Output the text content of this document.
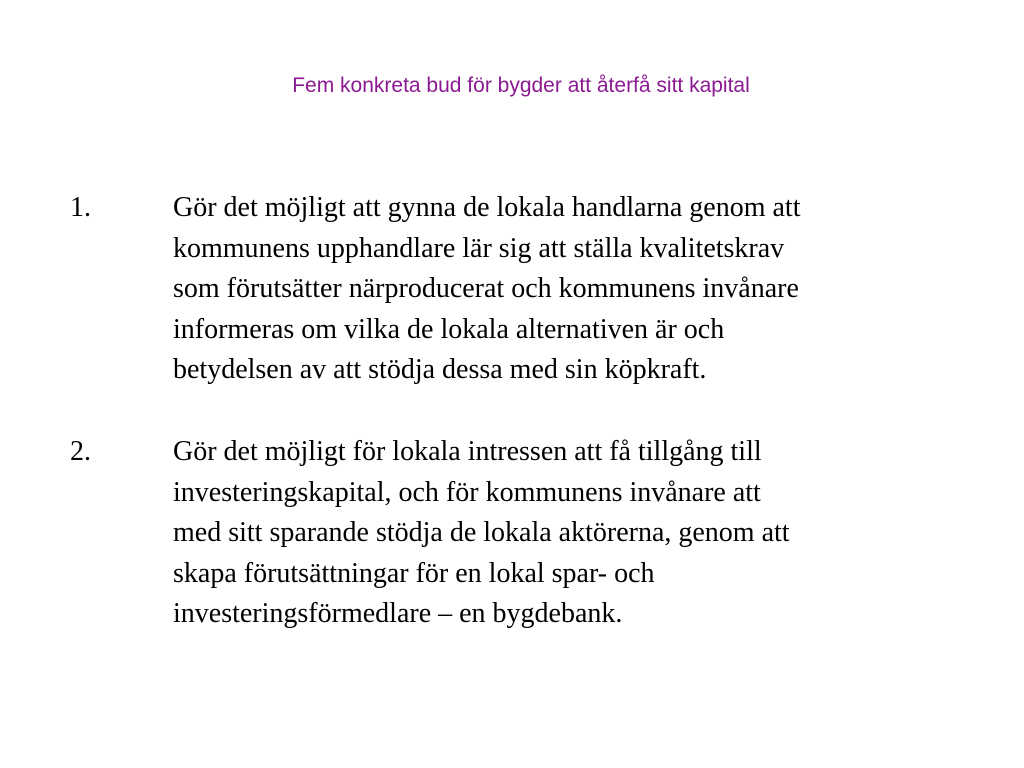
Fem konkreta bud för bygder att återfå sitt kapital
1.	Gör det möjligt att gynna de lokala handlarna genom att
kommunens upphandlare lär sig att ställa kvalitetskrav
som förutsätter närproducerat och kommunens invånare
informeras om vilka de lokala alternativen är och
betydelsen av att stödja dessa med sin köpkraft.
2.	Gör det möjligt för lokala intressen att få tillgång till
investeringskapital, och för kommunens invånare att
med sitt sparande stödja de lokala aktörerna, genom att
skapa förutsättningar för en lokal spar- och
investeringsförmedlare – en bygdebank.
